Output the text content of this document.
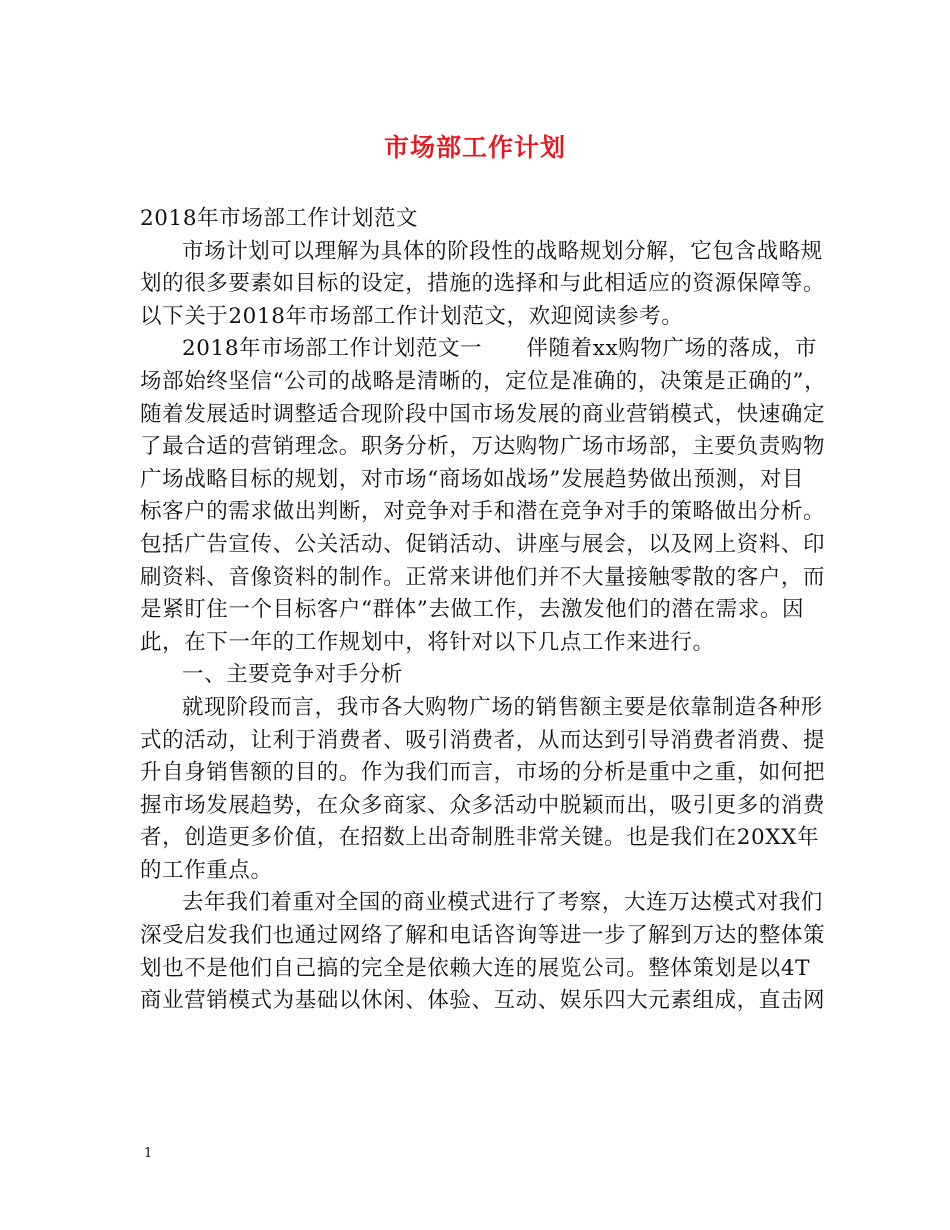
市场部工作计划
2018年市场部工作计划范文
市场计划可以理解为具体的阶段性的战略规划分解，它包含战略规
划的很多要素如目标的设定，措施的选择和与此相适应的资源保障等。
以下关于2018年市场部工作计划范文，欢迎阅读参考。
2018年市场部工作计划范文一　　伴随着xx购物广场的落成，市
场部始终坚信“公司的战略是清晰的，定位是准确的，决策是正确的”，
随着发展适时调整适合现阶段中国市场发展的商业营销模式，快速确定
了最合适的营销理念。职务分析，万达购物广场市场部，主要负责购物
广场战略目标的规划，对市场“商场如战场”发展趋势做出预测，对目
标客户的需求做出判断，对竞争对手和潜在竞争对手的策略做出分析。
包括广告宣传、公关活动、促销活动、讲座与展会，以及网上资料、印
刷资料、音像资料的制作。正常来讲他们并不大量接触零散的客户，而
是紧盯住一个目标客户“群体”去做工作，去激发他们的潜在需求。因
此，在下一年的工作规划中，将针对以下几点工作来进行。
一、主要竞争对手分析
就现阶段而言，我市各大购物广场的销售额主要是依靠制造各种形
式的活动，让利于消费者、吸引消费者，从而达到引导消费者消费、提
升自身销售额的目的。作为我们而言，市场的分析是重中之重，如何把
握市场发展趋势，在众多商家、众多活动中脱颖而出，吸引更多的消费
者，创造更多价值，在招数上出奇制胜非常关键。也是我们在20XX年
的工作重点。
去年我们着重对全国的商业模式进行了考察，大连万达模式对我们
深受启发我们也通过网络了解和电话咨询等进一步了解到万达的整体策
划也不是他们自己搞的完全是依赖大连的展览公司。整体策划是以4T
商业营销模式为基础以休闲、体验、互动、娱乐四大元素组成，直击网
1
